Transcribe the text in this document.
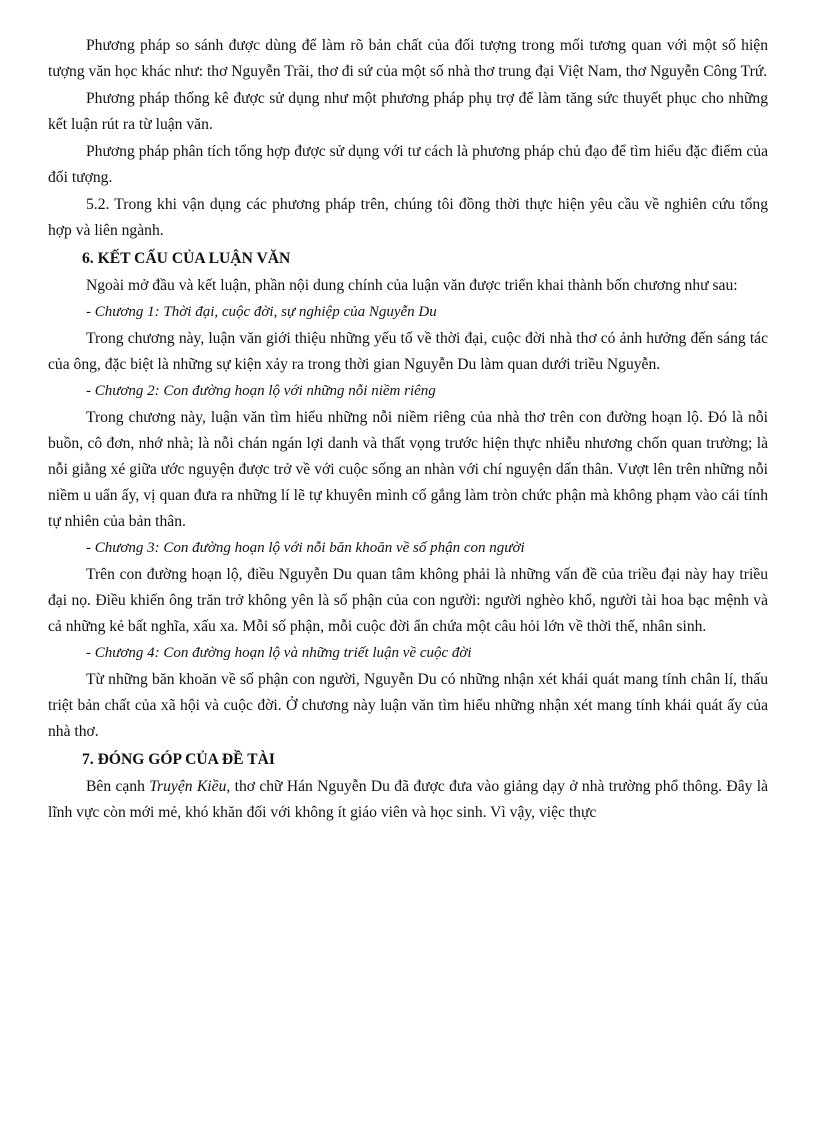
Phương pháp so sánh được dùng để làm rõ bản chất của đối tượng trong mối tương quan với một số hiện tượng văn học khác như: thơ Nguyễn Trãi, thơ đi sứ của một số nhà thơ trung đại Việt Nam, thơ Nguyễn Công Trứ.

Phương pháp thống kê được sử dụng như một phương pháp phụ trợ để làm tăng sức thuyết phục cho những kết luận rút ra từ luận văn.

Phương pháp phân tích tổng hợp được sử dụng với tư cách là phương pháp chủ đạo để tìm hiểu đặc điểm của đối tượng.

5.2. Trong khi vận dụng các phương pháp trên, chúng tôi đồng thời thực hiện yêu cầu về nghiên cứu tổng hợp và liên ngành.

6. KẾT CẤU CỦA LUẬN VĂN

Ngoài mở đầu và kết luận, phần nội dung chính của luận văn được triển khai thành bốn chương như sau:

- Chương 1: Thời đại, cuộc đời, sự nghiệp của Nguyễn Du

Trong chương này, luận văn giới thiệu những yếu tố về thời đại, cuộc đời nhà thơ có ảnh hưởng đến sáng tác của ông, đặc biệt là những sự kiện xảy ra trong thời gian Nguyễn Du làm quan dưới triều Nguyễn.

- Chương 2: Con đường hoạn lộ với những nỗi niềm riêng

Trong chương này, luận văn tìm hiểu những nỗi niềm riêng của nhà thơ trên con đường hoạn lộ. Đó là nỗi buồn, cô đơn, nhớ nhà; là nỗi chán ngán lợi danh và thất vọng trước hiện thực nhiễu nhương chốn quan trường; là nỗi giằng xé giữa ước nguyện được trở về với cuộc sống an nhàn với chí nguyện dấn thân. Vượt lên trên những nỗi niềm u uẩn ấy, vị quan đưa ra những lí lẽ tự khuyên mình cố gắng làm tròn chức phận mà không phạm vào cái tính tự nhiên của bản thân.

- Chương 3: Con đường hoạn lộ với nỗi băn khoăn về số phận con người

Trên con đường hoạn lộ, điều Nguyễn Du quan tâm không phải là những vấn đề của triều đại này hay triều đại nọ. Điều khiến ông trăn trở không yên là số phận của con người: người nghèo khổ, người tài hoa bạc mệnh và cả những kẻ bất nghĩa, xấu xa. Mỗi số phận, mỗi cuộc đời ẩn chứa một câu hỏi lớn về thời thế, nhân sinh.

- Chương 4: Con đường hoạn lộ và những triết luận về cuộc đời

Từ những băn khoăn về số phận con người, Nguyễn Du có những nhận xét khái quát mang tính chân lí, thấu triệt bản chất của xã hội và cuộc đời. Ở chương này luận văn tìm hiểu những nhận xét mang tính khái quát ấy của nhà thơ.

7. ĐÓNG GÓP CỦA ĐỀ TÀI

Bên cạnh Truyện Kiều, thơ chữ Hán Nguyễn Du đã được đưa vào giảng dạy ở nhà trường phổ thông. Đây là lĩnh vực còn mới mẻ, khó khăn đối với không ít giáo viên và học sinh. Vì vậy, việc thực
